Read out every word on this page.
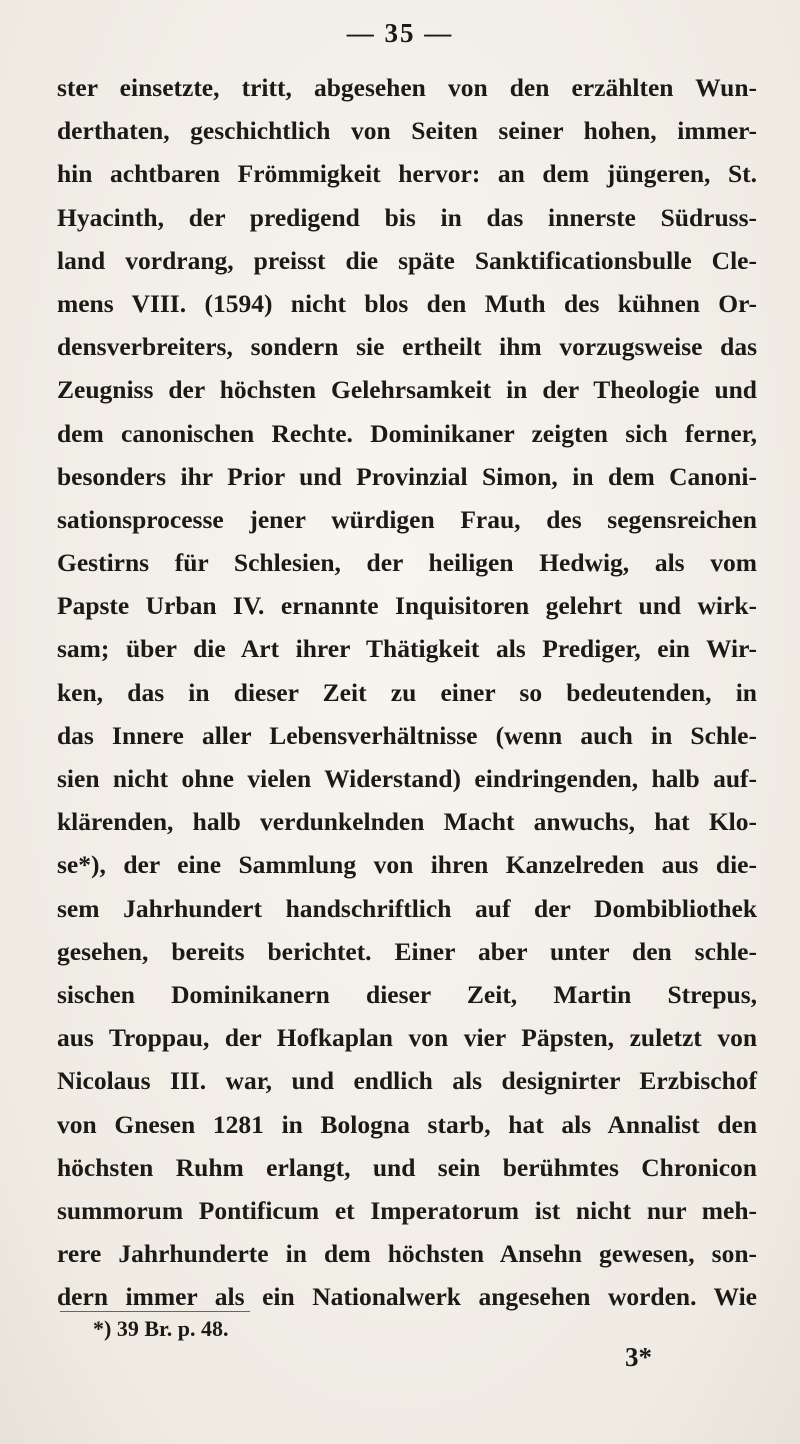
— 35 —
ster einsetzte, tritt, abgesehen von den erzählten Wun-
derthaten, geschichtlich von Seiten seiner hohen, immer-
hin achtbaren Frömmigkeit hervor: an dem jüngeren, St.
Hyacinth, der predigend bis in das innerste Südruss-
land vordrang, preisst die späte Sanktificationsbulle Cle-
mens VIII. (1594) nicht blos den Muth des kühnen Or-
densverbreiters, sondern sie ertheilt ihm vorzugsweise das
Zeugniss der höchsten Gelehrsamkeit in der Theologie und
dem canonischen Rechte. Dominikaner zeigten sich ferner,
besonders ihr Prior und Provinzial Simon, in dem Canoni-
sationsprocesse jener würdigen Frau, des segensreichen
Gestirns für Schlesien, der heiligen Hedwig, als vom
Papste Urban IV. ernannte Inquisitoren gelehrt und wirk-
sam; über die Art ihrer Thätigkeit als Prediger, ein Wir-
ken, das in dieser Zeit zu einer so bedeutenden, in
das Innere aller Lebensverhältnisse (wenn auch in Schle-
sien nicht ohne vielen Widerstand) eindringenden, halb auf-
klärenden, halb verdunkelnden Macht anwuchs, hat Klo-
se*), der eine Sammlung von ihren Kanzelreden aus die-
sem Jahrhundert handschriftlich auf der Dombibliothek
gesehen, bereits berichtet. Einer aber unter den schle-
sischen Dominikanern dieser Zeit, Martin Strepus,
aus Troppau, der Hofkaplan von vier Päpsten, zuletzt von
Nicolaus III. war, und endlich als designirter Erzbischof
von Gnesen 1281 in Bologna starb, hat als Annalist den
höchsten Ruhm erlangt, und sein berühmtes Chronicon
summorum Pontificum et Imperatorum ist nicht nur meh-
rere Jahrhunderte in dem höchsten Ansehn gewesen, son-
dern immer als ein Nationalwerk angesehen worden. Wie
*) 39 Br. p. 48.
3*
